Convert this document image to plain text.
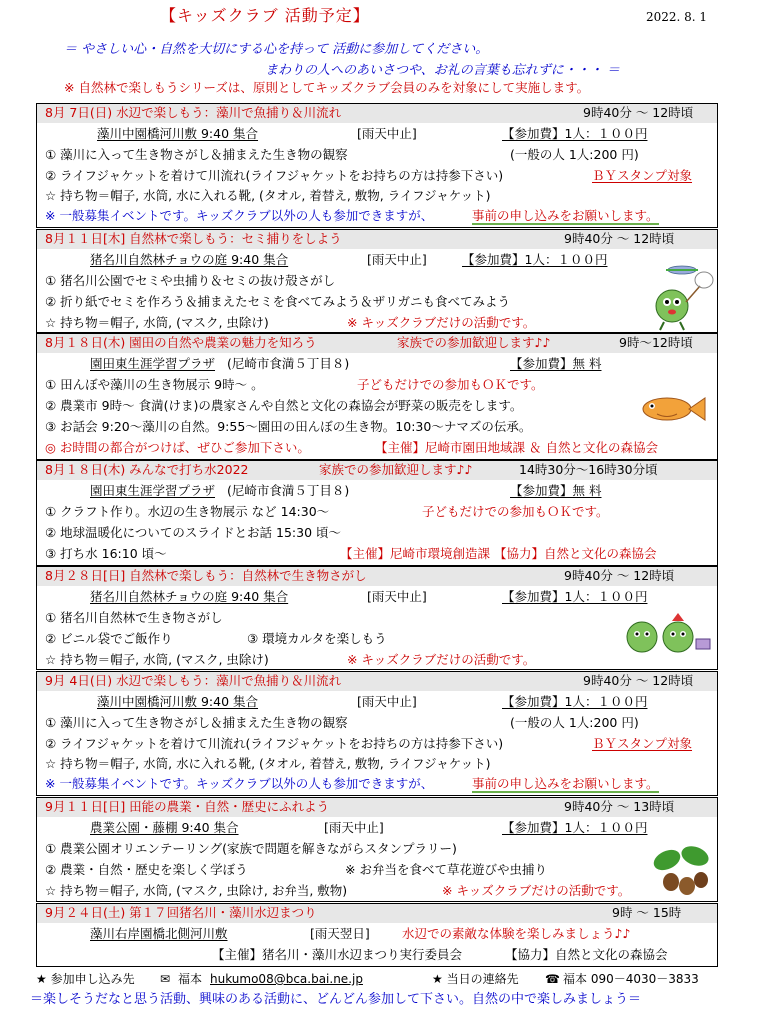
【キッズクラブ 活動予定】	2022. 8. 1
＝ やさしい心・自然を大切にする心を持って 活動に参加してください。
まわりの人へのあいさつや、お礼の言葉も忘れずに・・・ ＝
※ 自然林で楽しもうシリーズは、原則としてキッズクラブ会員のみを対象にして実施します。
8月 7日(日) 水辺で楽しもう：藻川で魚捕り＆川流れ	9時40分 ～ 12時頃
藻川中園橋河川敷 9:40 集合	[雨天中止]	【参加費】1人：１００円
① 藻川に入って生き物さがし＆捕まえた生き物の観察	(一般の人 1人:200 円)
② ライフジャケットを着けて川流れ(ライフジャケットをお持ちの方は持参下さい)	ＢＹスタンプ対象
☆ 持ち物＝帽子, 水筒, 水に入れる靴, (タオル, 着替え, 敷物, ライフジャケット)
※ 一般募集イベントです。キッズクラブ以外の人も参加できますが、	事前の申し込みをお願いします。
8月１１日[木] 自然林で楽しもう：セミ捕りをしよう	9時40分 ～ 12時頃
猪名川自然林チョウの庭 9:40 集合	[雨天中止]	【参加費】1人：１００円
① 猪名川公園でセミや虫捕り＆セミの抜け殻さがし
② 折り紙でセミを作ろう＆捕まえたセミを食べてみよう＆ザリガニも食べてみよう
☆ 持ち物＝帽子, 水筒, (マスク, 虫除け)	※ キッズクラブだけの活動です。
8月１８日(木) 園田の自然や農業の魅力を知ろう	家族での参加歓迎します♪♪	9時～12時頃
園田東生涯学習プラザ (尼崎市食満５丁目８)	【参加費】無 料
① 田んぼや藻川の生き物展示 9時～ 。	子どもだけでの参加もＯＫです。
② 農業市 9時～ 食満(けま)の農家さんや自然と文化の森協会が野菜の販売をします。
③ お話会 9:20～藻川の自然。9:55～園田の田んぼの生き物。10:30～ナマズの伝承。
◎ お時間の都合がつけば、ぜひご参加下さい。	【主催】尼崎市園田地域課 ＆ 自然と文化の森協会
8月１８日(木) みんなで打ち水2022	家族での参加歓迎します♪♪	14時30分～16時30分頃
園田東生涯学習プラザ (尼崎市食満５丁目８)	【参加費】無 料
① クラフト作り。水辺の生き物展示 など 14:30～	子どもだけでの参加もＯＫです。
② 地球温暖化についてのスライドとお話 15:30 頃～
③ 打ち水 16:10 頃～	【主催】尼崎市環境創造課 【協力】自然と文化の森協会
8月２８日[日] 自然林で楽しもう：自然林で生き物さがし	9時40分 ～ 12時頃
猪名川自然林チョウの庭 9:40 集合	[雨天中止]	【参加費】1人：１００円
① 猪名川自然林で生き物さがし
② ビニル袋でご飯作り	③ 環境カルタを楽しもう
☆ 持ち物＝帽子, 水筒, (マスク, 虫除け)	※ キッズクラブだけの活動です。
9月 4日(日) 水辺で楽しもう：藻川で魚捕り＆川流れ	9時40分 ～ 12時頃
藻川中園橋河川敷 9:40 集合	[雨天中止]	【参加費】1人：１００円
① 藻川に入って生き物さがし＆捕まえた生き物の観察	(一般の人 1人:200 円)
② ライフジャケットを着けて川流れ(ライフジャケットをお持ちの方は持参下さい)	ＢＹスタンプ対象
☆ 持ち物＝帽子, 水筒, 水に入れる靴, (タオル, 着替え, 敷物, ライフジャケット)
※ 一般募集イベントです。キッズクラブ以外の人も参加できますが、	事前の申し込みをお願いします。
9月１１日[日] 田能の農業・自然・歴史にふれよう	9時40分 ～ 13時頃
農業公園・藤棚 9:40 集合	[雨天中止]	【参加費】1人：１００円
① 農業公園オリエンテーリング(家族で問題を解きながらスタンプラリー)
② 農業・自然・歴史を楽しく学ぼう	※ お弁当を食べて草花遊びや虫捕り
☆ 持ち物＝帽子, 水筒, (マスク, 虫除け, お弁当, 敷物)	※ キッズクラブだけの活動です。
9月２４日(土) 第１７回猪名川・藻川水辺まつり	9時 ～ 15時
藻川右岸園橋北側河川敷	[雨天翌日]	水辺での素敵な体験を楽しみましょう♪♪
【主催】猪名川・藻川水辺まつり実行委員会	【協力】自然と文化の森協会
★ 参加申し込み先 ✉ 福本 hukumo08@bca.bai.ne.jp	★ 当日の連絡先 ☎ 福本 090－4030－3833
＝楽しそうだなと思う活動、興味のある活動に、どんどん参加して下さい。自然の中で楽しみましょう＝
